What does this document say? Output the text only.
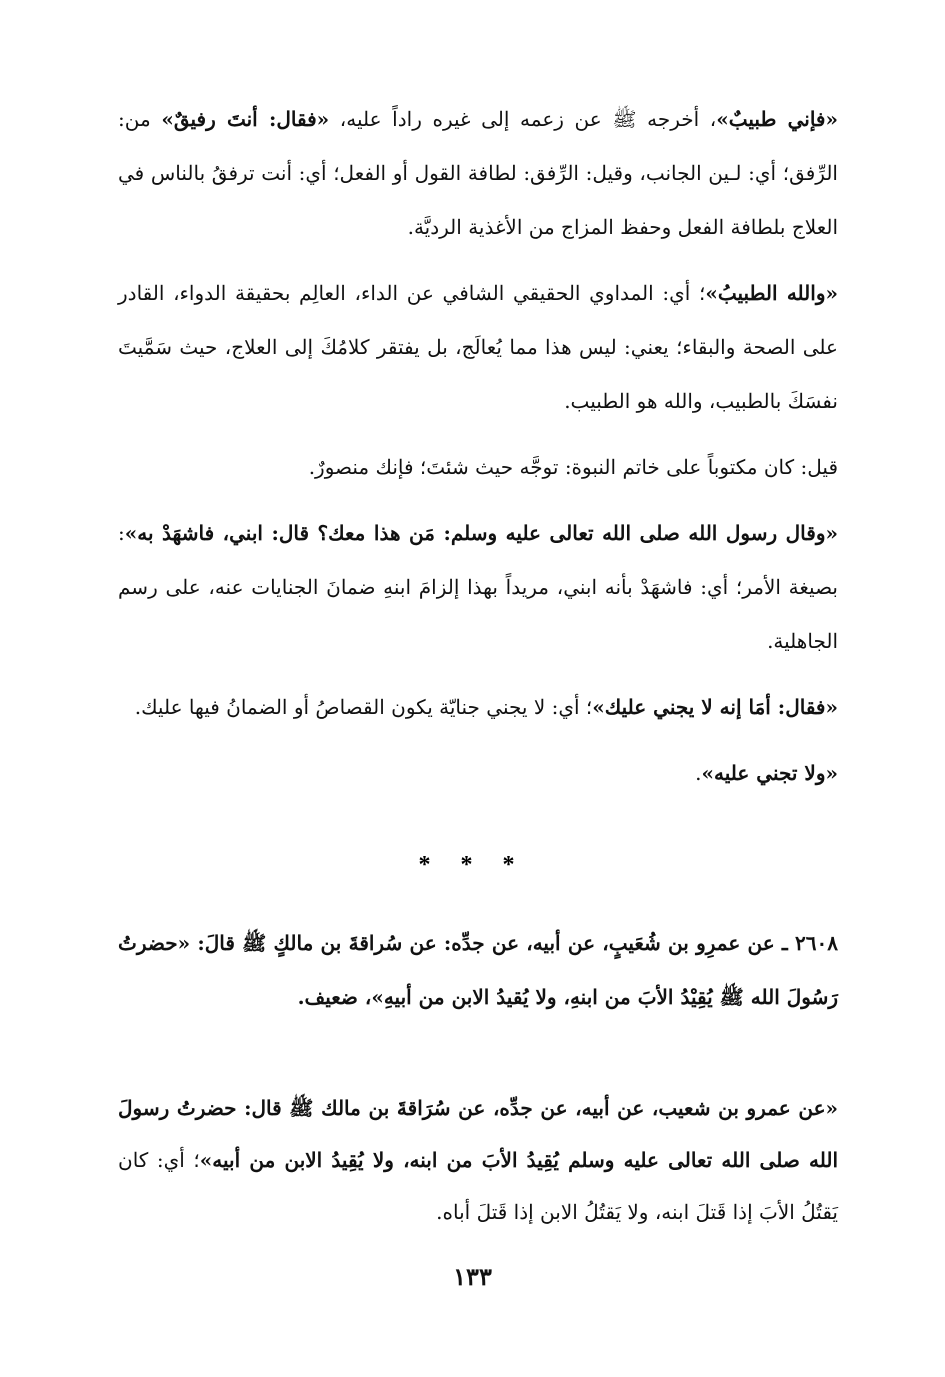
«فإني طبيبٌ»، أخرجه ﷺ عن زعمه إلى غيره راداً عليه، «فقال: أنتَ رفيقٌ» من: الرِّفق؛ أي: لـين الجانب، وقيل: الرِّفق: لطافة القول أو الفعل؛ أي: أنت ترفقُ بالناس في العلاج بلطافة الفعل وحفظ المزاج من الأغذية الرديَّة.

«والله الطبيبُ»؛ أي: المداوي الحقيقي الشافي عن الداء، العالِم بحقيقة الدواء، القادر على الصحة والبقاء؛ يعني: ليس هذا مما يُعالَج، بل يفتقر كلامُكَ إلى العلاج، حيث سَمَّيتَ نفسَكَ بالطبيب، والله هو الطبيب.

قيل: كان مكتوباً على خاتم النبوة: توجَّه حيث شئتَ؛ فإنك منصورٌ.

«وقال رسول الله صلى الله تعالى عليه وسلم: مَن هذا معك؟ قال: ابني، فاشهَدْ به»: بصيغة الأمر؛ أي: فاشهَدْ بأنه ابني، مريداً بهذا إلزامَ ابنهِ ضمانَ الجنايات عنه، على رسم الجاهلية.

«فقال: أمَا إنه لا يجني عليك»؛ أي: لا يجني جنايّة يكون القصاصُ أو الضمانُ فيها عليك.

«ولا تجني عليه».

* * *

٢٦٠٨ ـ عن عمرِو بن شُعَيبٍ، عن أبيه، عن جدِّه: عن سُراقةَ بن مالكٍ ﷺ قالَ: «حضرتُ رَسُولَ الله ﷺ يُقِيْدُ الأبَ من ابنهِ، ولا يُقيدُ الابن من أبيهِ»، ضعيف.

«عن عمرو بن شعيب، عن أبيه، عن جدِّه، عن سُرَاقةَ بن مالك ﷺ قال: حضرتُ رسولَ الله صلى الله تعالى عليه وسلم يُقِيدُ الأبَ من ابنه، ولا يُقِيدُ الابن من أبيه»؛ أي: كان يَقتُلُ الأبَ إذا قَتلَ ابنه، ولا يَقتُلُ الابن إذا قَتلَ أباه.

١٣٣
